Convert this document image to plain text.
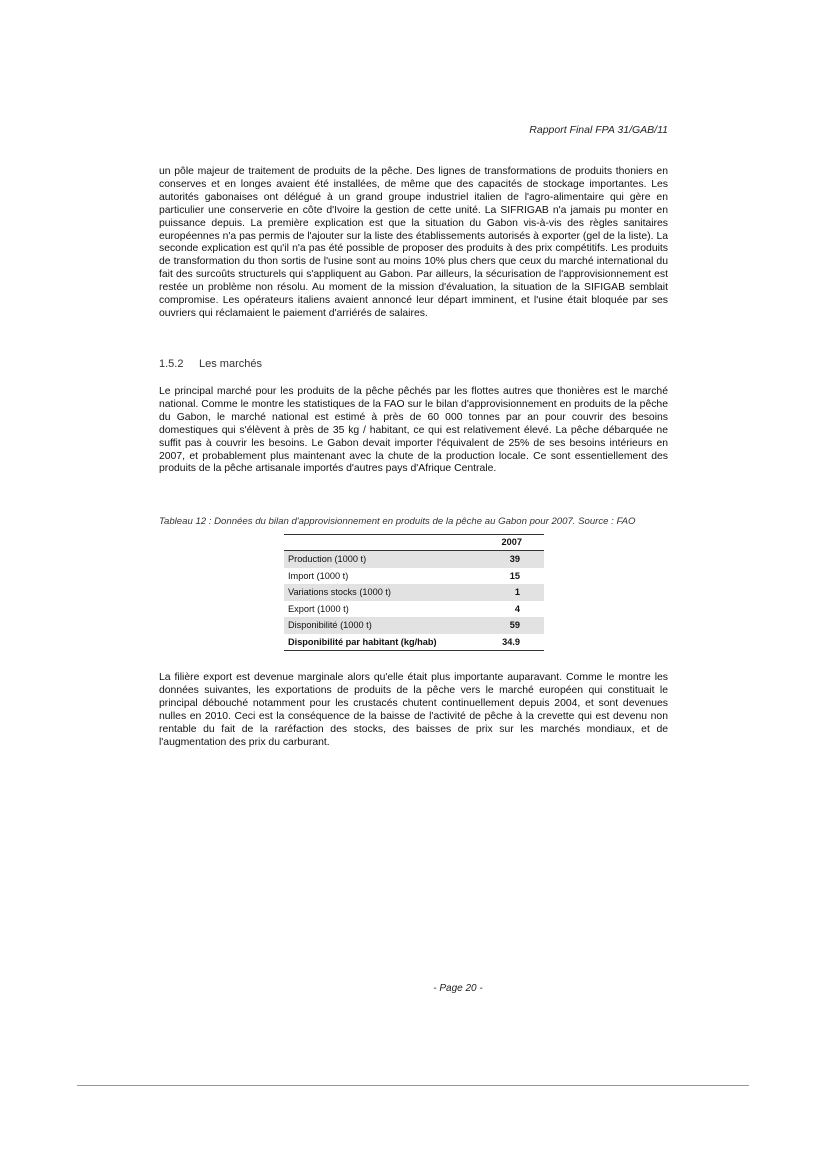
Rapport Final FPA 31/GAB/11

un pôle majeur de traitement de produits de la pêche. Des lignes de transformations de produits thoniers en conserves et en longes avaient été installées, de même que des capacités de stockage importantes. Les autorités gabonaises ont délégué à un grand groupe industriel italien de l'agro-alimentaire qui gère en particulier une conserverie en côte d'Ivoire la gestion de cette unité. La SIFRIGAB n'a jamais pu monter en puissance depuis. La première explication est que la situation du Gabon vis-à-vis des règles sanitaires européennes n'a pas permis de l'ajouter sur la liste des établissements autorisés à exporter (gel de la liste). La seconde explication est qu'il n'a pas été possible de proposer des produits à des prix compétitifs. Les produits de transformation du thon sortis de l'usine sont au moins 10% plus chers que ceux du marché international du fait des surcoûts structurels qui s'appliquent au Gabon. Par ailleurs, la sécurisation de l'approvisionnement est restée un problème non résolu. Au moment de la mission d'évaluation, la situation de la SIFIGAB semblait compromise. Les opérateurs italiens avaient annoncé leur départ imminent, et l'usine était bloquée par ses ouvriers qui réclamaient le paiement d'arriérés de salaires.

1.5.2 Les marchés

Le principal marché pour les produits de la pêche pêchés par les flottes autres que thonières est le marché national. Comme le montre les statistiques de la FAO sur le bilan d'approvisionnement en produits de la pêche du Gabon, le marché national est estimé à près de 60 000 tonnes par an pour couvrir des besoins domestiques qui s'élèvent à près de 35 kg / habitant, ce qui est relativement élevé. La pêche débarquée ne suffit pas à couvrir les besoins. Le Gabon devait importer l'équivalent de 25% de ses besoins intérieurs en 2007, et probablement plus maintenant avec la chute de la production locale. Ce sont essentiellement des produits de la pêche artisanale importés d'autres pays d'Afrique Centrale.

Tableau 12 : Données du bilan d'approvisionnement en produits de la pêche au Gabon pour 2007. Source : FAO

	2007
Production (1000 t)	39
Import (1000 t)	15
Variations stocks (1000 t)	1
Export (1000 t)	4
Disponibilité (1000 t)	59
Disponibilité par habitant (kg/hab)	34.9

La filière export est devenue marginale alors qu'elle était plus importante auparavant. Comme le montre les données suivantes, les exportations de produits de la pêche vers le marché européen qui constituait le principal débouché notamment pour les crustacés chutent continuellement depuis 2004, et sont devenues nulles en 2010. Ceci est la conséquence de la baisse de l'activité de pêche à la crevette qui est devenu non rentable du fait de la raréfaction des stocks, des baisses de prix sur les marchés mondiaux, et de l'augmentation des prix du carburant.

- Page 20 -
